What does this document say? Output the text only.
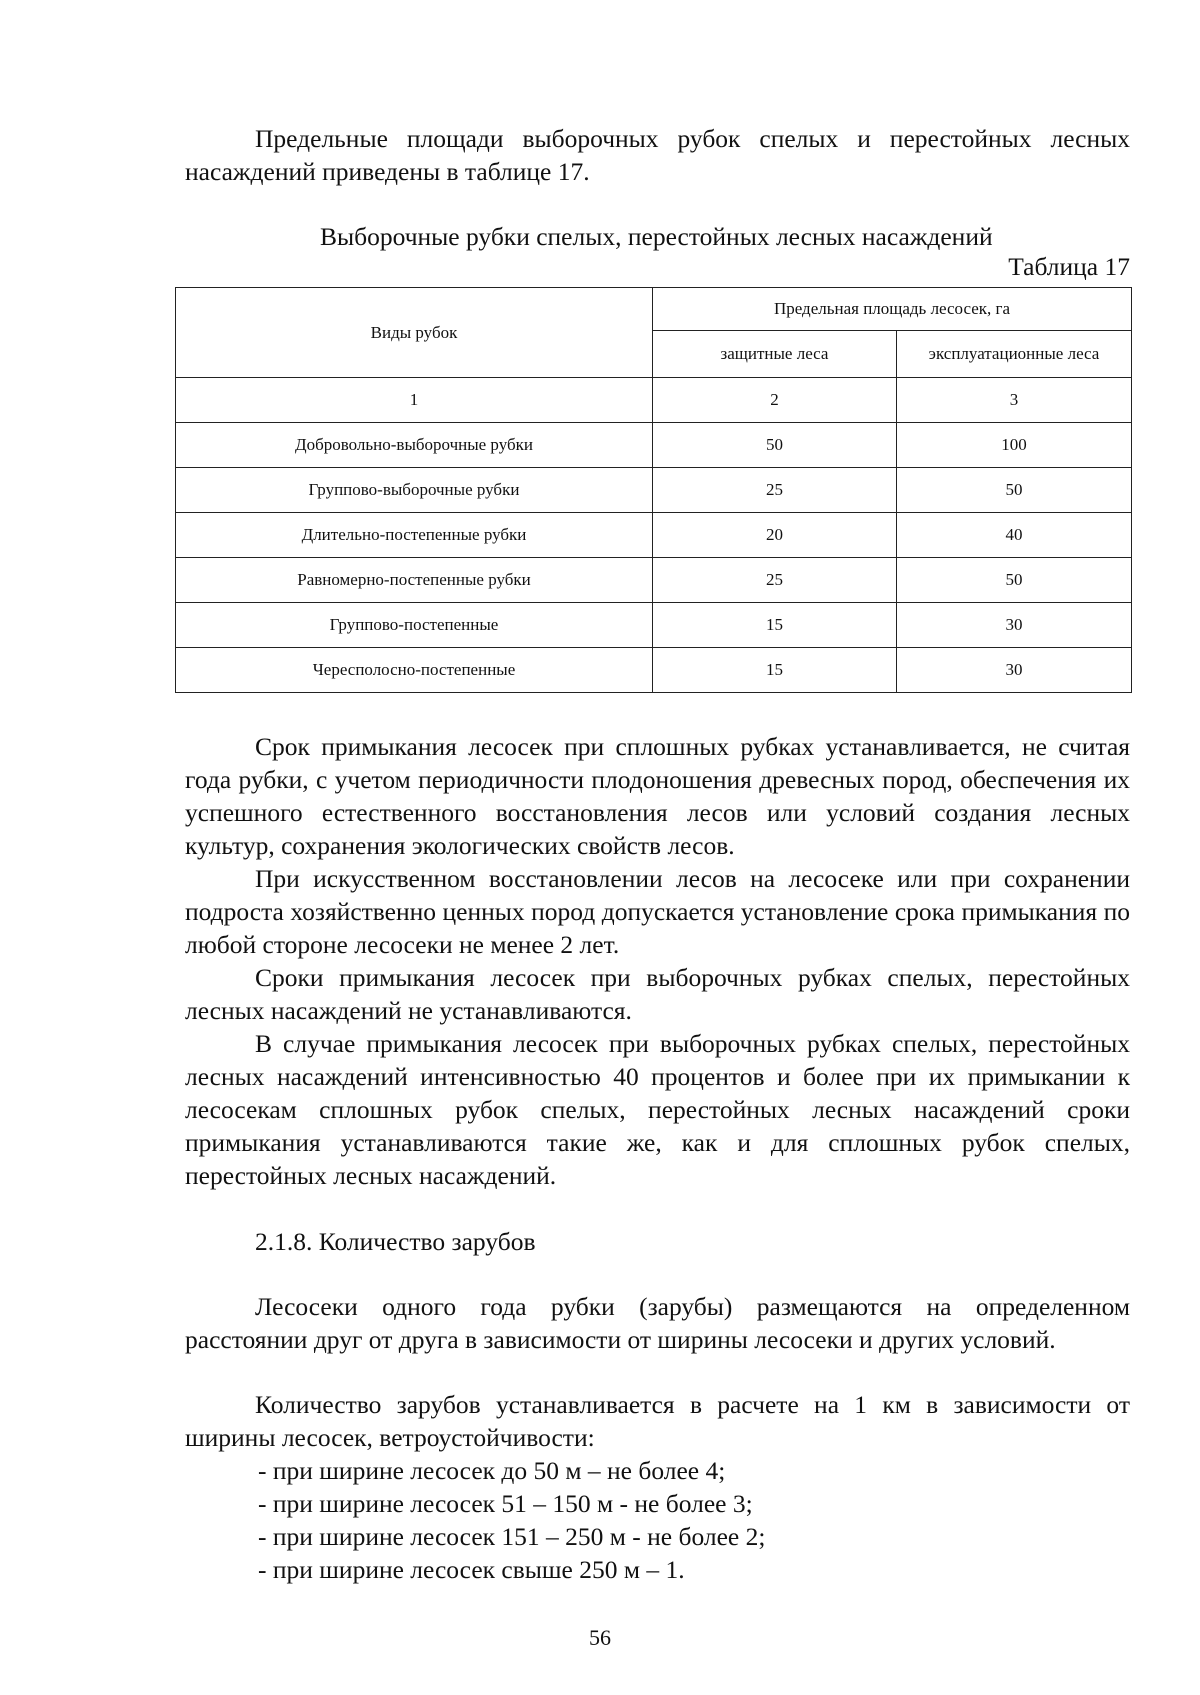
Предельные площади выборочных рубок спелых и перестойных лесных насаждений приведены в таблице 17.

Выборочные рубки спелых, перестойных лесных насаждений

Таблица 17

Виды рубок	Предельная площадь лесосек, га	
	защитные леса	эксплуатационные леса
1	2	3
Добровольно-выборочные рубки	50	100
Группово-выборочные рубки	25	50
Длительно-постепенные рубки	20	40
Равномерно-постепенные рубки	25	50
Группово-постепенные	15	30
Чересполосно-постепенные	15	30

Срок примыкания лесосек при сплошных рубках устанавливается, не считая года рубки, с учетом периодичности плодоношения древесных пород, обеспечения их успешного естественного восстановления лесов или условий создания лесных культур, сохранения экологических свойств лесов.

При искусственном восстановлении лесов на лесосеке или при сохранении подроста хозяйственно ценных пород допускается установление срока примыкания по любой стороне лесосеки не менее 2 лет.

Сроки примыкания лесосек при выборочных рубках спелых, перестойных лесных насаждений не устанавливаются.

В случае примыкания лесосек при выборочных рубках спелых, перестойных лесных насаждений интенсивностью 40 процентов и более при их примыкании к лесосекам сплошных рубок спелых, перестойных лесных насаждений сроки примыкания устанавливаются такие же, как и для сплошных рубок спелых, перестойных лесных насаждений.

2.1.8. Количество зарубов

Лесосеки одного года рубки (зарубы) размещаются на определенном расстоянии друг от друга в зависимости от ширины лесосеки и других условий.

Количество зарубов устанавливается в расчете на 1 км в зависимости от ширины лесосек, ветроустойчивости:

- при ширине лесосек до 50 м – не более 4;
- при ширине лесосек 51 – 150 м - не более 3;
- при ширине лесосек 151 – 250 м - не более 2;
- при ширине лесосек свыше 250 м – 1.

56
